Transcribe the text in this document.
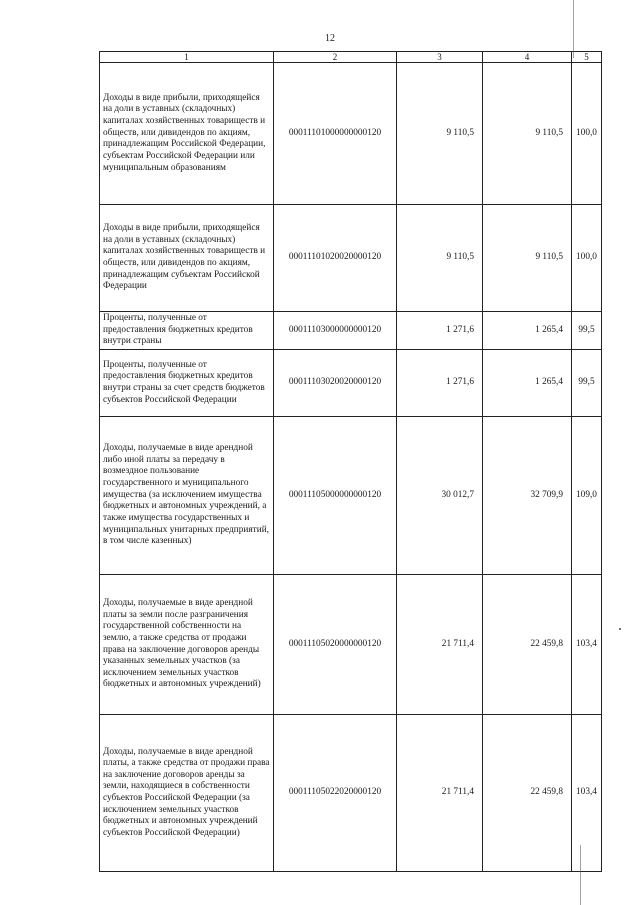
12
1	2	3	4	5
Доходы в виде прибыли, приходящейся на доли в уставных (складочных) капиталах хозяйственных товариществ и обществ, или дивидендов по акциям, принадлежащим Российской Федерации, субъектам Российской Федерации или муниципальным образованиям	00011101000000000120	9 110,5	9 110,5	100,0
Доходы в виде прибыли, приходящейся на доли в уставных (складочных) капиталах хозяйственных товариществ и обществ, или дивидендов по акциям, принадлежащим субъектам Российской Федерации	00011101020020000120	9 110,5	9 110,5	100,0
Проценты, полученные от предоставления бюджетных кредитов внутри страны	00011103000000000120	1 271,6	1 265,4	99,5
Проценты, полученные от предоставления бюджетных кредитов внутри страны за счет средств бюджетов субъектов Российской Федерации	00011103020020000120	1 271,6	1 265,4	99,5
Доходы, получаемые в виде арендной либо иной платы за передачу в возмездное пользование государственного и муниципального имущества (за исключением имущества бюджетных и автономных учреждений, а также имущества государственных и муниципальных унитарных предприятий, в том числе казенных)	00011105000000000120	30 012,7	32 709,9	109,0
Доходы, получаемые в виде арендной платы за земли после разграничения государственной собственности на землю, а также средства от продажи права на заключение договоров аренды указанных земельных участков (за исключением земельных участков бюджетных и автономных учреждений)	00011105020000000120	21 711,4	22 459,8	103,4
Доходы, получаемые в виде арендной платы, а также средства от продажи права на заключение договоров аренды за земли, находящиеся в собственности субъектов Российской Федерации (за исключением земельных участков бюджетных и автономных учреждений субъектов Российской Федерации)	00011105022020000120	21 711,4	22 459,8	103,4
